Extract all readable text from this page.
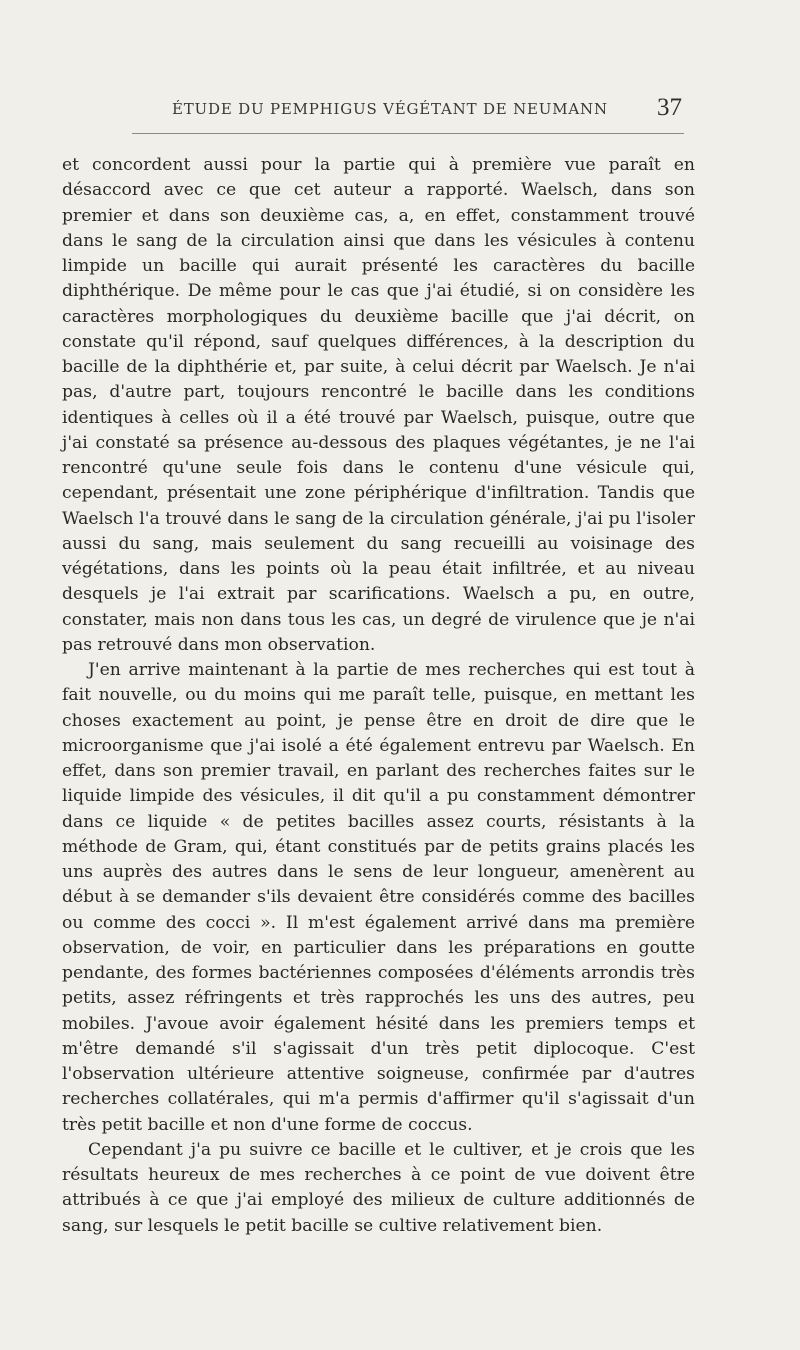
ÉTUDE DU PEMPHIGUS VÉGÉTANT DE NEUMANN 37

et concordent aussi pour la partie qui à première vue paraît en désaccord avec ce que cet auteur a rapporté. Waelsch, dans son premier et dans son deuxième cas, a, en effet, constamment trouvé dans le sang de la circulation ainsi que dans les vésicules à contenu limpide un bacille qui aurait présenté les caractères du bacille diphthérique. De même pour le cas que j'ai étudié, si on considère les caractères morphologiques du deuxième bacille que j'ai décrit, on constate qu'il répond, sauf quelques différences, à la description du bacille de la diphthérie et, par suite, à celui décrit par Waelsch. Je n'ai pas, d'autre part, toujours rencontré le bacille dans les conditions identiques à celles où il a été trouvé par Waelsch, puisque, outre que j'ai constaté sa présence au-dessous des plaques végétantes, je ne l'ai rencontré qu'une seule fois dans le contenu d'une vésicule qui, cependant, présentait une zone périphérique d'infiltration. Tandis que Waelsch l'a trouvé dans le sang de la circulation générale, j'ai pu l'isoler aussi du sang, mais seulement du sang recueilli au voisinage des végétations, dans les points où la peau était infiltrée, et au niveau desquels je l'ai extrait par scarifications. Waelsch a pu, en outre, constater, mais non dans tous les cas, un degré de virulence que je n'ai pas retrouvé dans mon observation.

J'en arrive maintenant à la partie de mes recherches qui est tout à fait nouvelle, ou du moins qui me paraît telle, puisque, en mettant les choses exactement au point, je pense être en droit de dire que le microorganisme que j'ai isolé a été également entrevu par Waelsch. En effet, dans son premier travail, en parlant des recherches faites sur le liquide limpide des vésicules, il dit qu'il a pu constamment démontrer dans ce liquide « de petites bacilles assez courts, résistants à la méthode de Gram, qui, étant constitués par de petits grains placés les uns auprès des autres dans le sens de leur longueur, amenèrent au début à se demander s'ils devaient être considérés comme des bacilles ou comme des cocci ». Il m'est également arrivé dans ma première observation, de voir, en particulier dans les préparations en goutte pendante, des formes bactériennes composées d'éléments arrondis très petits, assez réfringents et très rapprochés les uns des autres, peu mobiles. J'avoue avoir également hésité dans les premiers temps et m'être demandé s'il s'agissait d'un très petit diplocoque. C'est l'observation ultérieure attentive soigneuse, confirmée par d'autres recherches collatérales, qui m'a permis d'affirmer qu'il s'agissait d'un très petit bacille et non d'une forme de coccus.

Cependant j'a pu suivre ce bacille et le cultiver, et je crois que les résultats heureux de mes recherches à ce point de vue doivent être attribués à ce que j'ai employé des milieux de culture additionnés de sang, sur lesquels le petit bacille se cultive relativement bien.
